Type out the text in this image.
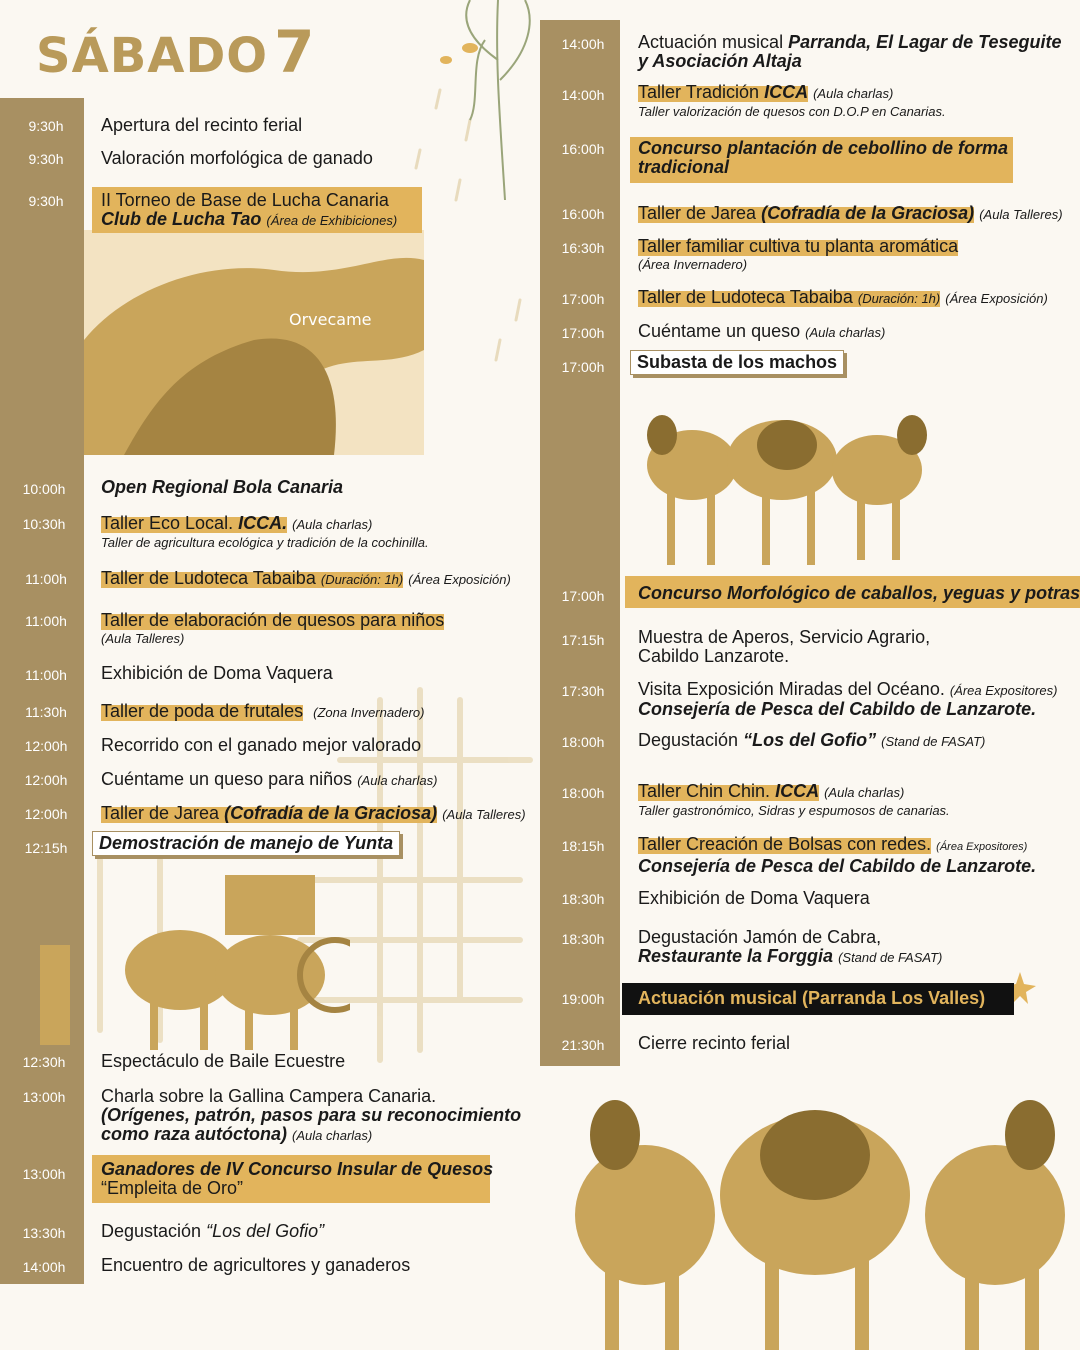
SÁBADO 7
Orvecame
9:30h
9:30h
9:30h
10:00h
10:30h
11:00h
11:00h
11:00h
11:30h
12:00h
12:00h
12:00h
12:15h
12:30h
13:00h
13:00h
13:30h
14:00h
Apertura del recinto ferial
Valoración morfológica de ganado
II Torneo de Base de Lucha Canaria
Club de Lucha Tao (Área de Exhibiciones)
Open Regional Bola Canaria
Taller Eco Local. ICCA. (Aula charlas)
Taller de agricultura ecológica y tradición de la cochinilla.
Taller de Ludoteca Tabaiba (Duración: 1h) (Área Exposición)
Taller de elaboración de quesos para niños
(Aula Talleres)
Exhibición de Doma Vaquera
Taller de poda de frutales (Zona Invernadero)
Recorrido con el ganado mejor valorado
Cuéntame un queso para niños (Aula charlas)
Taller de Jarea (Cofradía de la Graciosa) (Aula Talleres)
Demostración de manejo de Yunta
Espectáculo de Baile Ecuestre
Charla sobre la Gallina Campera Canaria.
(Orígenes, patrón, pasos para su reconocimiento
como raza autóctona) (Aula charlas)
Ganadores de IV Concurso Insular de Quesos
“Empleita de Oro”
Degustación “Los del Gofio”
Encuentro de agricultores y ganaderos
14:00h
14:00h
16:00h
16:00h
16:30h
17:00h
17:00h
17:00h
17:00h
17:15h
17:30h
18:00h
18:00h
18:15h
18:30h
18:30h
19:00h
21:30h
Actuación musical Parranda, El Lagar de Teseguite
y Asociación Altaja
Taller Tradición ICCA (Aula charlas)
Taller valorización de quesos con D.O.P en Canarias.
Concurso plantación de cebollino de forma
tradicional
Taller de Jarea (Cofradía de la Graciosa) (Aula Talleres)
Taller familiar cultiva tu planta aromática
(Área Invernadero)
Taller de Ludoteca Tabaiba (Duración: 1h) (Área Exposición)
Cuéntame un queso (Aula charlas)
Subasta de los machos
Concurso Morfológico de caballos, yeguas y potras
Muestra de Aperos, Servicio Agrario,
Cabildo Lanzarote.
Visita Exposición Miradas del Océano. (Área Expositores)
Consejería de Pesca del Cabildo de Lanzarote.
Degustación “Los del Gofio” (Stand de FASAT)
Taller Chin Chin. ICCA (Aula charlas)
Taller gastronómico, Sidras y espumosos de canarias.
Taller Creación de Bolsas con redes. (Área Expositores)
Consejería de Pesca del Cabildo de Lanzarote.
Exhibición de Doma Vaquera
Degustación Jamón de Cabra,
Restaurante la Forggia (Stand de FASAT)
Actuación musical (Parranda Los Valles)
Cierre recinto ferial
